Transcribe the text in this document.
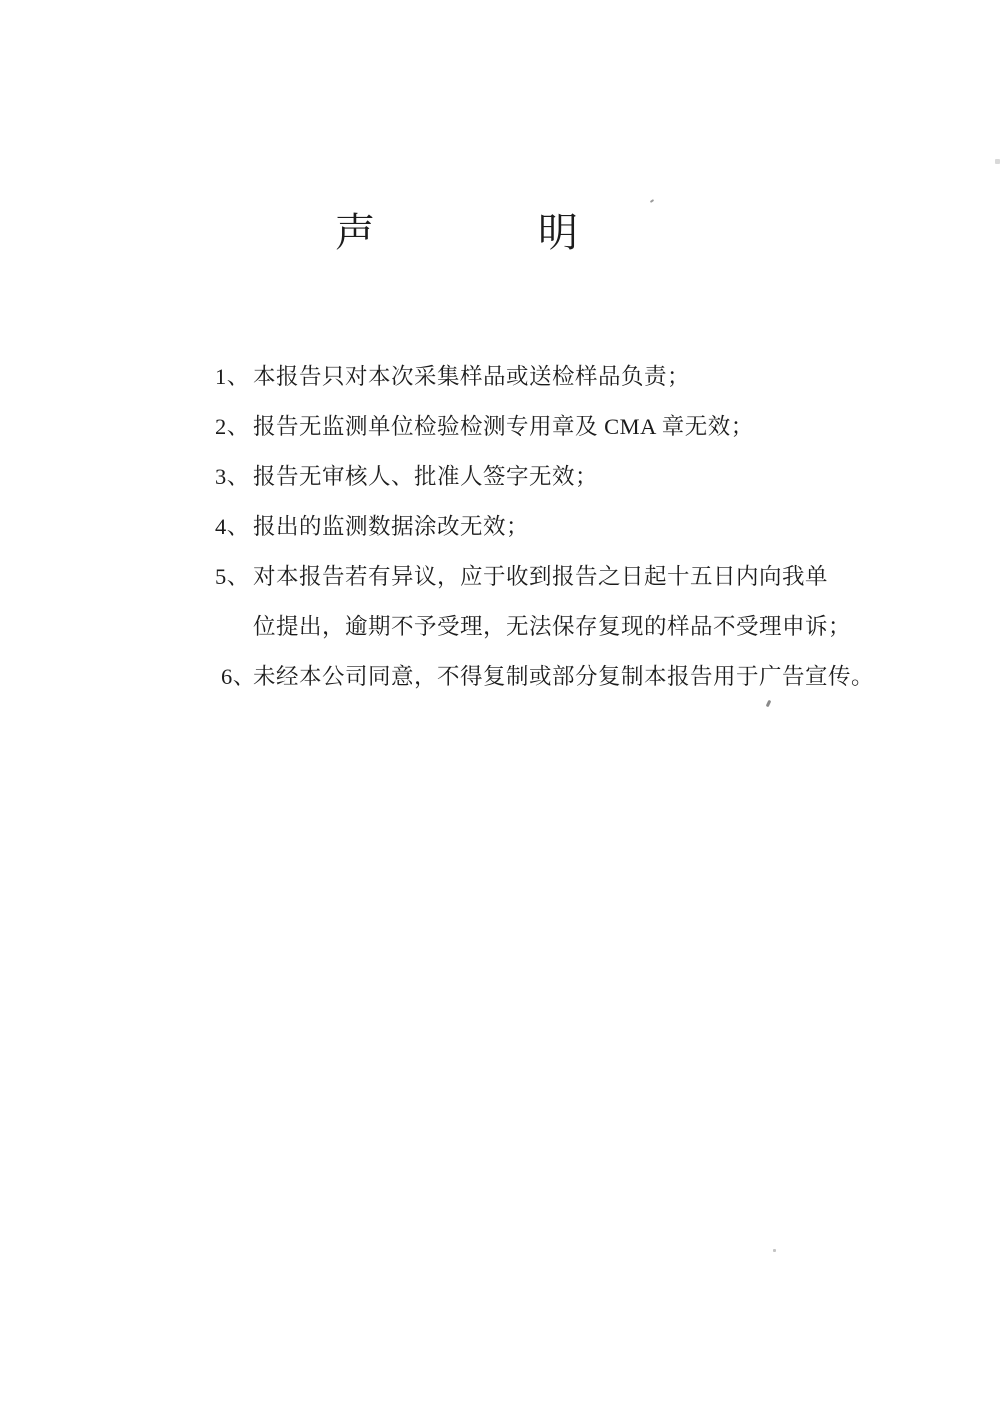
声	明
1、 本报告只对本次采集样品或送检样品负责；
2、 报告无监测单位检验检测专用章及 CMA 章无效；
3、 报告无审核人、批准人签字无效；
4、 报出的监测数据涂改无效；
5、 对本报告若有异议，应于收到报告之日起十五日内向我单
位提出，逾期不予受理，无法保存复现的样品不受理申诉；
6、
未经本公司同意，不得复制或部分复制本报告用于广告宣传。
